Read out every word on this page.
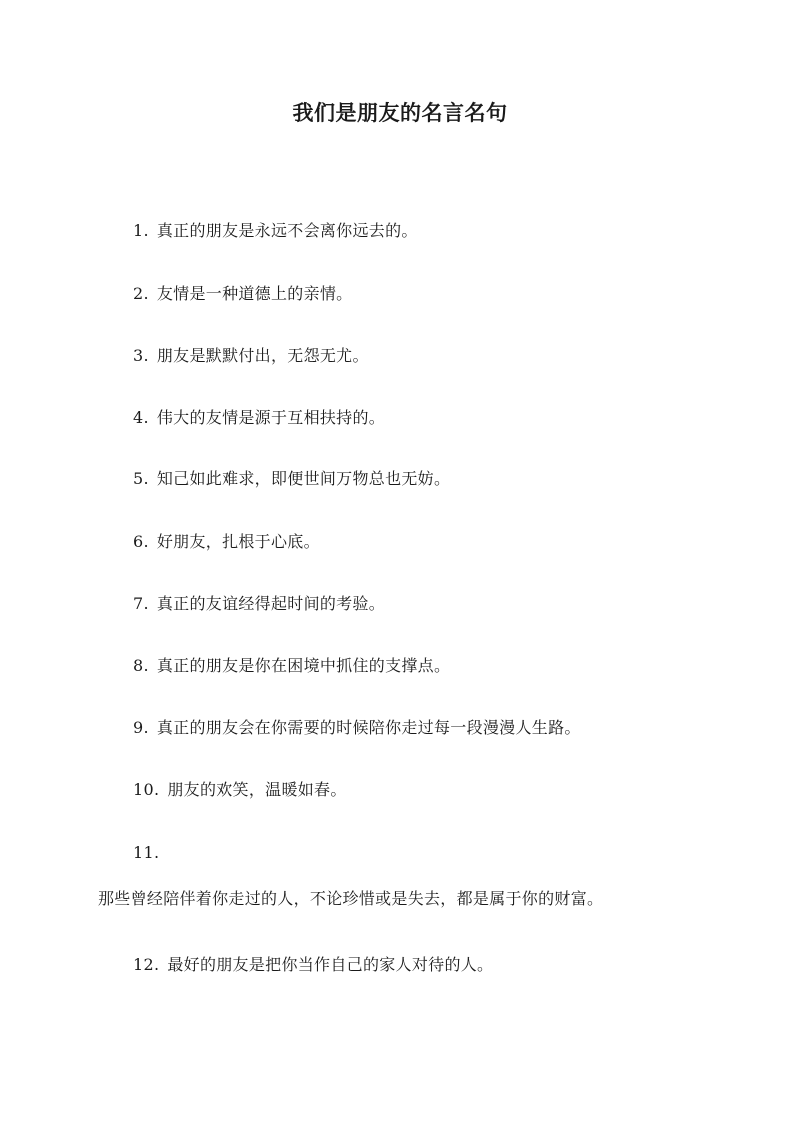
我们是朋友的名言名句
1. 真正的朋友是永远不会离你远去的。
2. 友情是一种道德上的亲情。
3. 朋友是默默付出，无怨无尤。
4. 伟大的友情是源于互相扶持的。
5. 知己如此难求，即便世间万物总也无妨。
6. 好朋友，扎根于心底。
7. 真正的友谊经得起时间的考验。
8. 真正的朋友是你在困境中抓住的支撑点。
9. 真正的朋友会在你需要的时候陪你走过每一段漫漫人生路。
10. 朋友的欢笑，温暖如春。
11.
那些曾经陪伴着你走过的人，不论珍惜或是失去，都是属于你的财富。
12. 最好的朋友是把你当作自己的家人对待的人。
